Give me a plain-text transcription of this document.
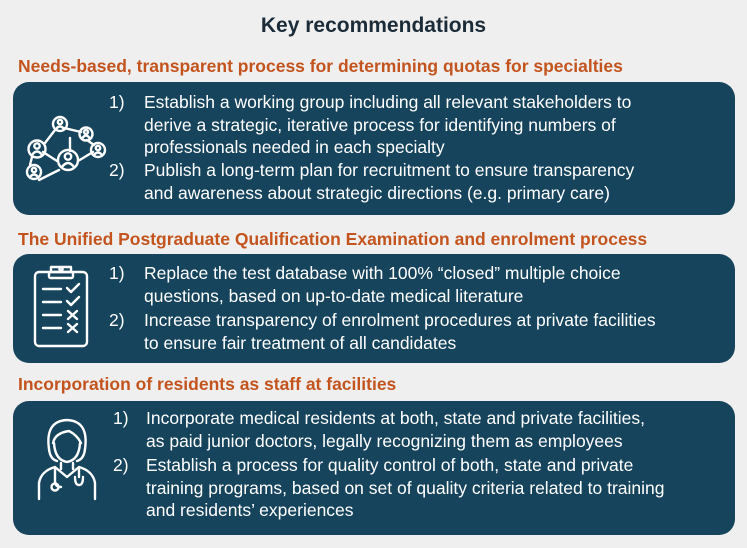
Key recommendations
Needs-based, transparent process for determining quotas for specialties
1) Establish a working group including all relevant stakeholders to
derive a strategic, iterative process for identifying numbers of
professionals needed in each specialty
2) Publish a long-term plan for recruitment to ensure transparency
and awareness about strategic directions (e.g. primary care)
The Unified Postgraduate Qualification Examination and enrolment process
1) Replace the test database with 100% “closed” multiple choice
questions, based on up-to-date medical literature
2) Increase transparency of enrolment procedures at private facilities
to ensure fair treatment of all candidates
Incorporation of residents as staff at facilities
1) Incorporate medical residents at both, state and private facilities,
as paid junior doctors, legally recognizing them as employees
2) Establish a process for quality control of both, state and private
training programs, based on set of quality criteria related to training
and residents’ experiences
